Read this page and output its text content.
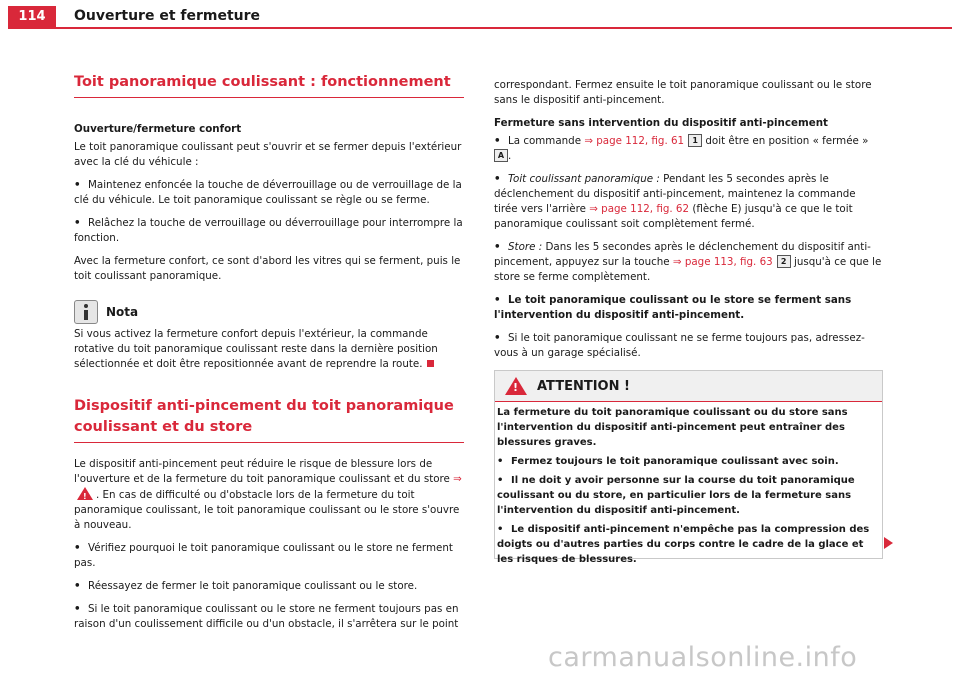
114	Ouverture et fermeture
Toit panoramique coulissant : fonctionnement
Ouverture/fermeture confort

Le toit panoramique coulissant peut s'ouvrir et se fermer depuis l'extérieur avec la clé du véhicule :

• Maintenez enfoncée la touche de déverrouillage ou de verrouillage de la clé du véhicule. Le toit panoramique coulissant se règle ou se ferme.

• Relâchez la touche de verrouillage ou déverrouillage pour interrompre la fonction.

Avec la fermeture confort, ce sont d'abord les vitres qui se ferment, puis le toit coulissant panoramique.

Nota

Si vous activez la fermeture confort depuis l'extérieur, la commande rotative du toit panoramique coulissant reste dans la dernière position sélectionnée et doit être repositionnée avant de reprendre la route.

Dispositif anti-pincement du toit panoramique coulissant et du store

Le dispositif anti-pincement peut réduire le risque de blessure lors de l'ouverture et de la fermeture du toit panoramique coulissant et du store ⇒!. En cas de difficulté ou d'obstacle lors de la fermeture du toit panoramique coulissant, le toit panoramique coulissant ou le store s'ouvre à nouveau.

• Vérifiez pourquoi le toit panoramique coulissant ou le store ne ferment pas.

• Réessayez de fermer le toit panoramique coulissant ou le store.

• Si le toit panoramique coulissant ou le store ne ferment toujours pas en raison d'un coulissement difficile ou d'un obstacle, il s'arrêtera sur le point

correspondant. Fermez ensuite le toit panoramique coulissant ou le store sans le dispositif anti-pincement.

Fermeture sans intervention du dispositif anti-pincement

• La commande ⇒ page 112, fig. 61 1 doit être en position « fermée » A .

• Toit coulissant panoramique : Pendant les 5 secondes après le déclenchement du dispositif anti-pincement, maintenez la commande tirée vers l'arrière ⇒ page 112, fig. 62 (flèche E) jusqu'à ce que le toit panoramique coulissant soit complètement fermé.

• Store : Dans les 5 secondes après le déclenchement du dispositif anti-pincement, appuyez sur la touche ⇒ page 113, fig. 63 2 jusqu'à ce que le store se ferme complètement.

• Le toit panoramique coulissant ou le store se ferment sans l'intervention du dispositif anti-pincement.

• Si le toit panoramique coulissant ne se ferme toujours pas, adressez-vous à un garage spécialisé.

!
ATTENTION !

La fermeture du toit panoramique coulissant ou du store sans l'intervention du dispositif anti-pincement peut entraîner des blessures graves.

• Fermez toujours le toit panoramique coulissant avec soin.

• Il ne doit y avoir personne sur la course du toit panoramique coulissant ou du store, en particulier lors de la fermeture sans l'intervention du dispositif anti-pincement.

• Le dispositif anti-pincement n'empêche pas la compression des doigts ou d'autres parties du corps contre le cadre de la glace et les risques de blessures.

carmanualsonline.info
